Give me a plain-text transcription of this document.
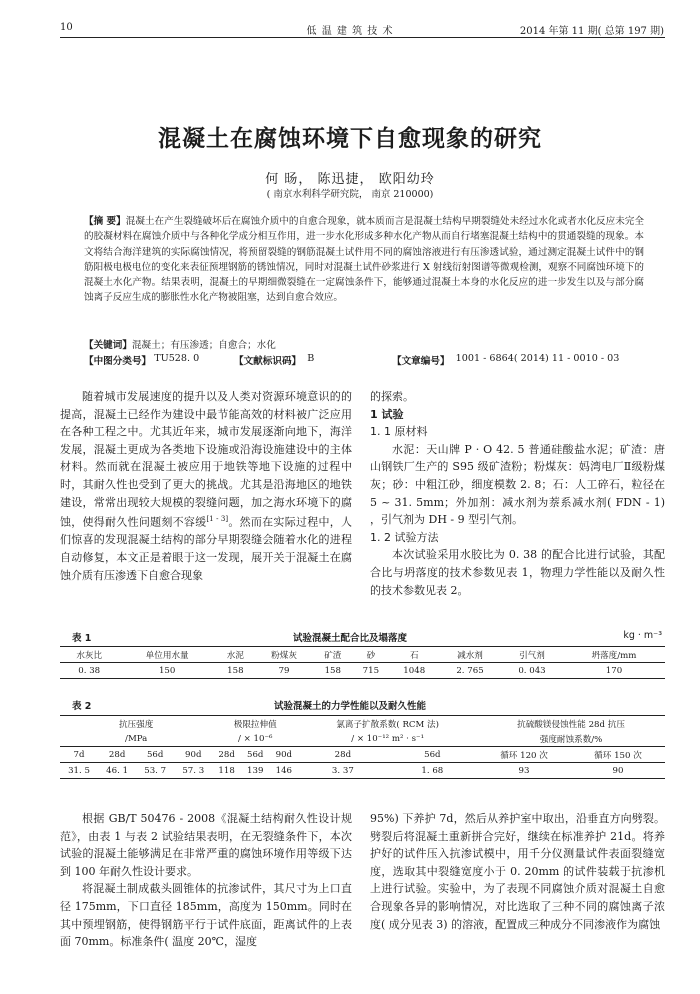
10	低 温 建 筑 技 术	2014 年第 11 期( 总第 197 期)
混凝土在腐蚀环境下自愈现象的研究
何 旸， 陈迅捷， 欧阳幼玲
( 南京水利科学研究院， 南京 210000)
【摘 要】混凝土在产生裂缝破坏后在腐蚀介质中的自愈合现象，就本质而言是混凝土结构早期裂缝处未经过水化或者水化反应未完全的胶凝材料在腐蚀介质中与各种化学成分相互作用，进一步水化形成多种水化产物从而自行堵塞混凝土结构中的贯通裂缝的现象。本文将结合海洋建筑的实际腐蚀情况，将预留裂缝的钢筋混凝土试件用不同的腐蚀溶液进行有压渗透试验，通过测定混凝土试件中的钢筋阳极电极电位的变化来表征预埋钢筋的锈蚀情况，同时对混凝土试件砂浆进行 X 射线衍射图谱等微观检测，观察不同腐蚀环境下的混凝土水化产物。结果表明，混凝土的早期细微裂缝在一定腐蚀条件下，能够通过混凝土本身的水化反应的进一步发生以及与部分腐蚀离子反应生成的膨胀性水化产物被阻塞，达到自愈合效应。
【关键词】混凝土；有压渗透；自愈合；水化
【中图分类号】 TU528. 0	【文献标识码】 B	【文章编号】 1001 - 6864( 2014) 11 - 0010 - 03

随着城市发展速度的提升以及人类对资源环境意识的的提高，混凝土已经作为建设中最节能高效的材料被广泛应用在各种工程之中。尤其近年来，城市发展逐渐向地下，海洋发展，混凝土更成为各类地下设施或沿海设施建设中的主体材料。然而就在混凝土被应用于地铁等地下设施的过程中时，其耐久性也受到了更大的挑战。尤其是沿海地区的地铁建设，常常出现较大规模的裂缝问题，加之海水环境下的腐蚀，使得耐久性问题刻不容缓[1 - 3]。然而在实际过程中，人们惊喜的发现混凝土结构的部分早期裂缝会随着水化的进程自动修复，本文正是着眼于这一发现，展开关于混凝土在腐蚀介质有压渗透下自愈合现象

的探索。
1 试验
1. 1 原材料

水泥：天山牌 P · O 42. 5 普通硅酸盐水泥；矿渣：唐山钢铁厂生产的 S95 级矿渣粉；粉煤灰：妈湾电厂Ⅱ级粉煤灰；砂：中粗江砂，细度模数 2. 8；石：人工碎石，粒径在 5 ~ 31. 5mm；外加剂：减水剂为萘系减水剂( FDN - 1) ，引气剂为 DH - 9 型引气剂。

1. 2 试验方法

本次试验采用水胶比为 0. 38 的配合比进行试验，其配合比与坍落度的技术参数见表 1，物理力学性能以及耐久性的技术参数见表 2。

表 1	试验混凝土配合比及塌落度	kg · m⁻³
水灰比	单位用水量	水泥	粉煤灰	矿渣	砂	石	减水剂	引气剂	坍落度/mm
0. 38	150	158	79	158	715	1048	2. 765	0. 043	170
表 2	试验混凝土的力学性能以及耐久性能
抗压强度				极限拉伸值			氯离子扩散系数( RCM 法)		抗硫酸镁侵蚀性能 28d 抗压	
/MPa				/ × 10⁻⁶			/ × 10⁻¹² m² · s⁻¹		强度耐蚀系数/%	
7d	28d	56d	90d	28d	56d	90d	28d	56d	循环 120 次	循环 150 次
31. 5	46. 1	53. 7	57. 3	118	139	146	3. 37	1. 68	93	90

根据 GB/T 50476 - 2008《混凝土结构耐久性设计规范》，由表 1 与表 2 试验结果表明，在无裂缝条件下，本次试验的混凝土能够满足在非常严重的腐蚀环境作用等级下达到 100 年耐久性设计要求。

将混凝土制成截头圆锥体的抗渗试件，其尺寸为上口直径 175mm，下口直径 185mm，高度为 150mm。同时在其中预埋钢筋，使得钢筋平行于试件底面，距离试件的上表面 70mm。标准条件( 温度 20℃，湿度

95%) 下养护 7d，然后从养护室中取出，沿垂直方向劈裂。劈裂后将混凝土重新拼合完好，继续在标准养护 21d。将养护好的试件压入抗渗试模中，用千分仪测量试件表面裂缝宽度，选取其中裂缝宽度小于 0. 20mm 的试件装载于抗渗机上进行试验。实验中，为了表现不同腐蚀介质对混凝土自愈合现象各异的影响情况，对比选取了三种不同的腐蚀离子浓度( 成分见表 3) 的溶液，配置成三种成分不同渗液作为腐蚀
